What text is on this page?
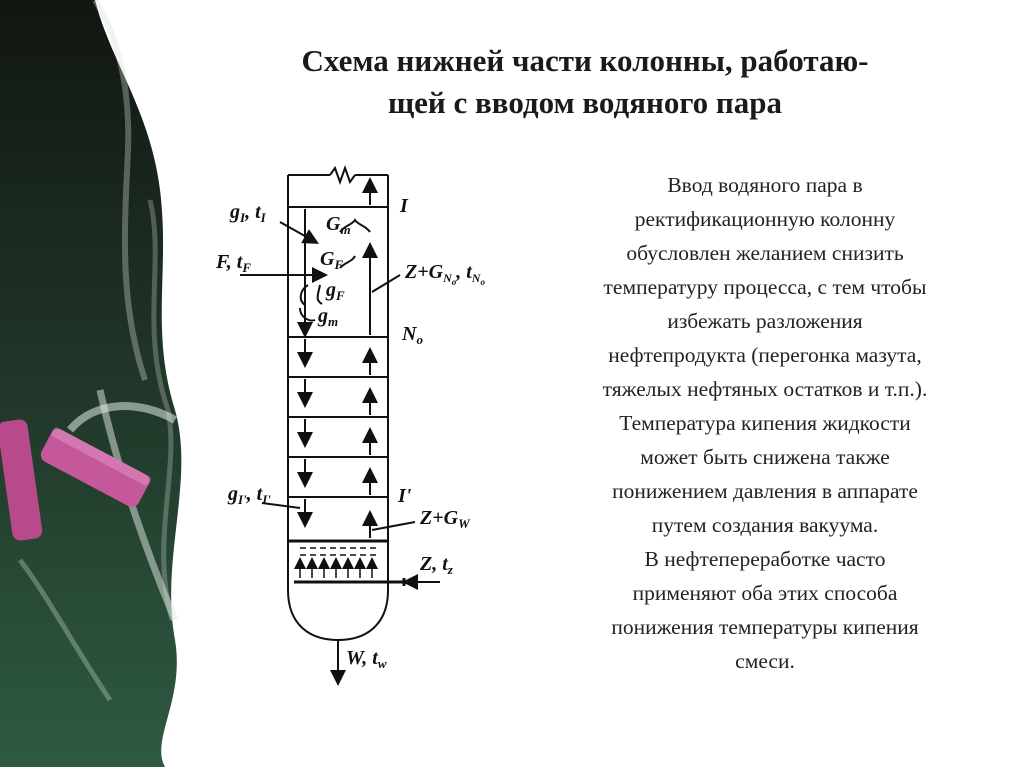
Схема нижней части колонны, работаю-
щей с вводом водяного пара
$g_I$, $t_I$	$G_m$
I
F, $t_F$	$G_F$
$g_F$
$g_m$
$Z+G_No$, $t_No$
$N_o$
$g_{I'}$, $t_{I'}$	I'
$Z+G_W$
Z, $t_z$
W, $t_w$
Ввод водяного пара в
ректификационную колонну
обусловлен желанием снизить
температуру процесса, с тем чтобы
избежать разложения
нефтепродукта (перегонка мазута,
тяжелых нефтяных остатков и т.п.).
Температура кипения жидкости
может быть снижена также
понижением давления в аппарате
путем создания вакуума.
В нефтепереработке часто
применяют оба этих способа
понижения температуры кипения
смеси.
